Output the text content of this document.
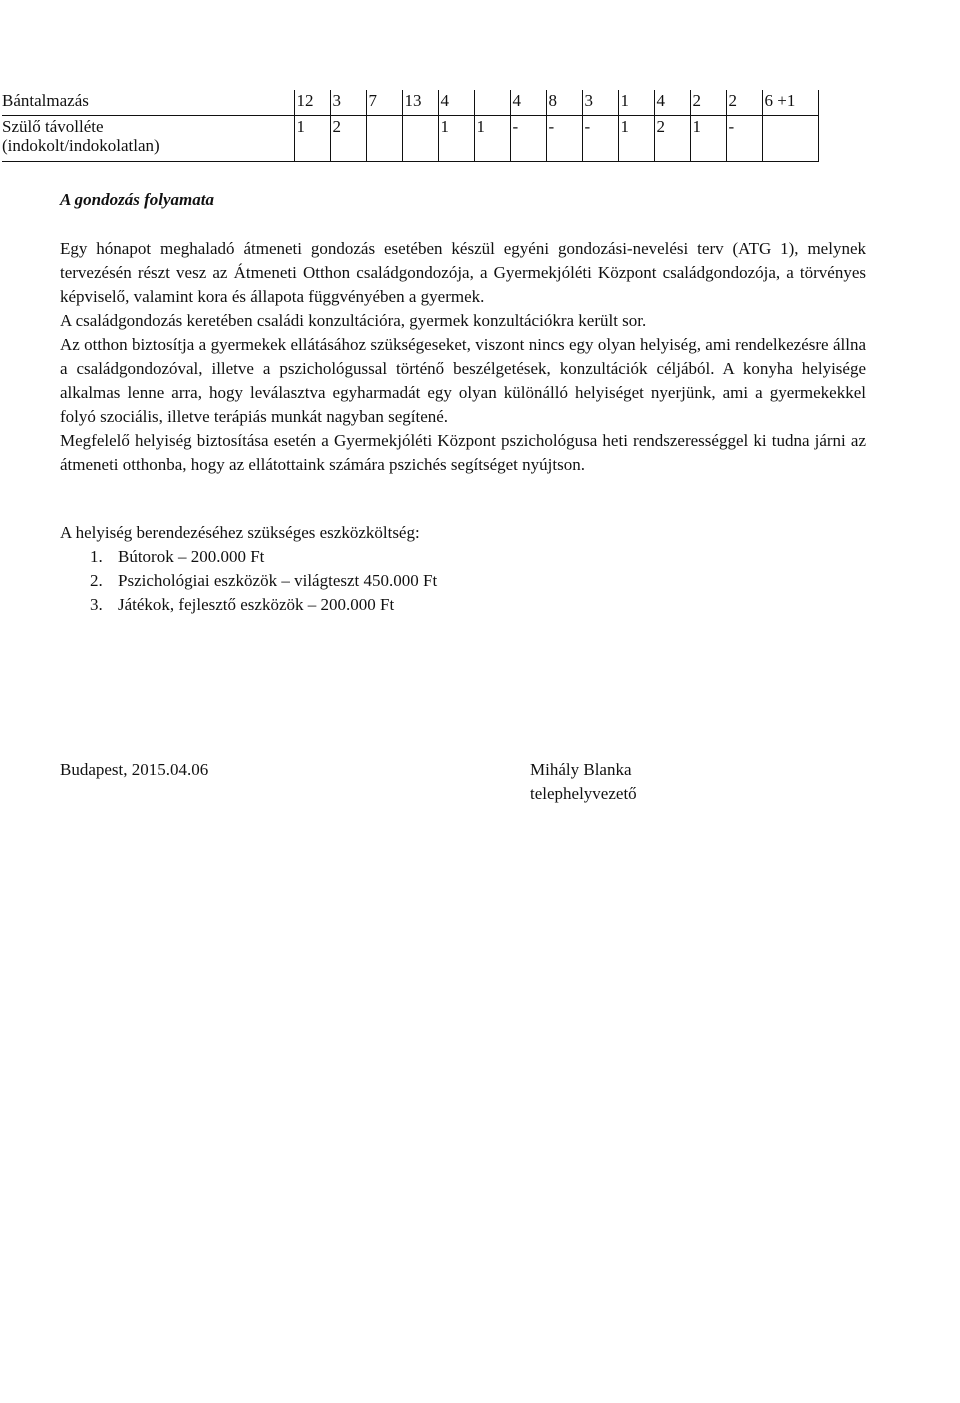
Bántalmazás	12	3	7	13	4		4	8	3	1	4	2	2	6 +1

Szülő távolléte
(indokolt/indokolatlan)	1	2			1	1	-	-	-	1	2	1	-	
A gondozás folyamata

Egy hónapot meghaladó átmeneti gondozás esetében készül egyéni gondozási-nevelési terv (ATG 1), melynek tervezésén részt vesz az Átmeneti Otthon családgondozója, a Gyermekjóléti Központ családgondozója, a törvényes képviselő, valamint kora és állapota függvényében a gyermek.

A családgondozás keretében családi konzultációra, gyermek konzultációkra került sor.

Az otthon biztosítja a gyermekek ellátásához szükségeseket, viszont nincs egy olyan helyiség, ami rendelkezésre állna a családgondozóval, illetve a pszichológussal történő beszélgetések, konzultációk céljából. A konyha helyisége alkalmas lenne arra, hogy leválasztva egyharmadát egy olyan különálló helyiséget nyerjünk, ami a gyermekekkel folyó szociális, illetve terápiás munkát nagyban segítené.

Megfelelő helyiség biztosítása esetén a Gyermekjóléti Központ pszichológusa heti rendszerességgel ki tudna járni az átmeneti otthonba, hogy az ellátottaink számára pszichés segítséget nyújtson.

A helyiség berendezéséhez szükséges eszközköltség:

1. Bútorok – 200.000 Ft
2. Pszichológiai eszközök – világteszt 450.000 Ft
3. Játékok, fejlesztő eszközök – 200.000 Ft
Budapest, 2015.04.06	Mihály Blanka
telephelyvezető
